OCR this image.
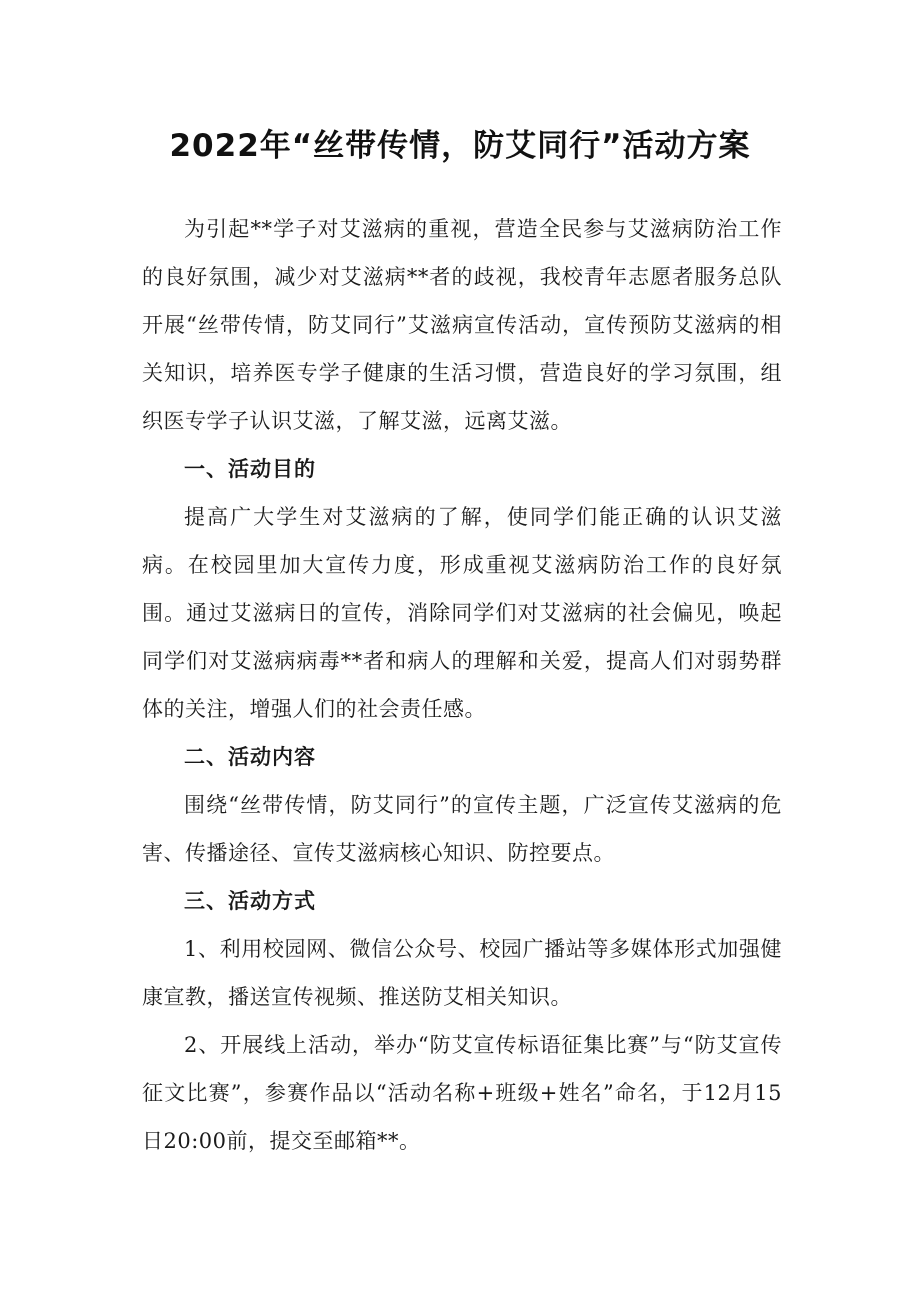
2022年“丝带传情，防艾同行”活动方案

为引起**学子对艾滋病的重视，营造全民参与艾滋病防治工作的良好氛围，减少对艾滋病**者的歧视，我校青年志愿者服务总队开展“丝带传情，防艾同行”艾滋病宣传活动，宣传预防艾滋病的相关知识，培养医专学子健康的生活习惯，营造良好的学习氛围，组织医专学子认识艾滋，了解艾滋，远离艾滋。

一、活动目的

提高广大学生对艾滋病的了解，使同学们能正确的认识艾滋病。在校园里加大宣传力度，形成重视艾滋病防治工作的良好氛围。通过艾滋病日的宣传，消除同学们对艾滋病的社会偏见，唤起同学们对艾滋病病毒**者和病人的理解和关爱，提高人们对弱势群体的关注，增强人们的社会责任感。

二、活动内容

围绕“丝带传情，防艾同行”的宣传主题，广泛宣传艾滋病的危害、传播途径、宣传艾滋病核心知识、防控要点。

三、活动方式

1、利用校园网、微信公众号、校园广播站等多媒体形式加强健康宣教，播送宣传视频、推送防艾相关知识。

2、开展线上活动，举办“防艾宣传标语征集比赛”与“防艾宣传征文比赛”，参赛作品以“活动名称+班级+姓名”命名，于12月15日20:00前，提交至邮箱**。
